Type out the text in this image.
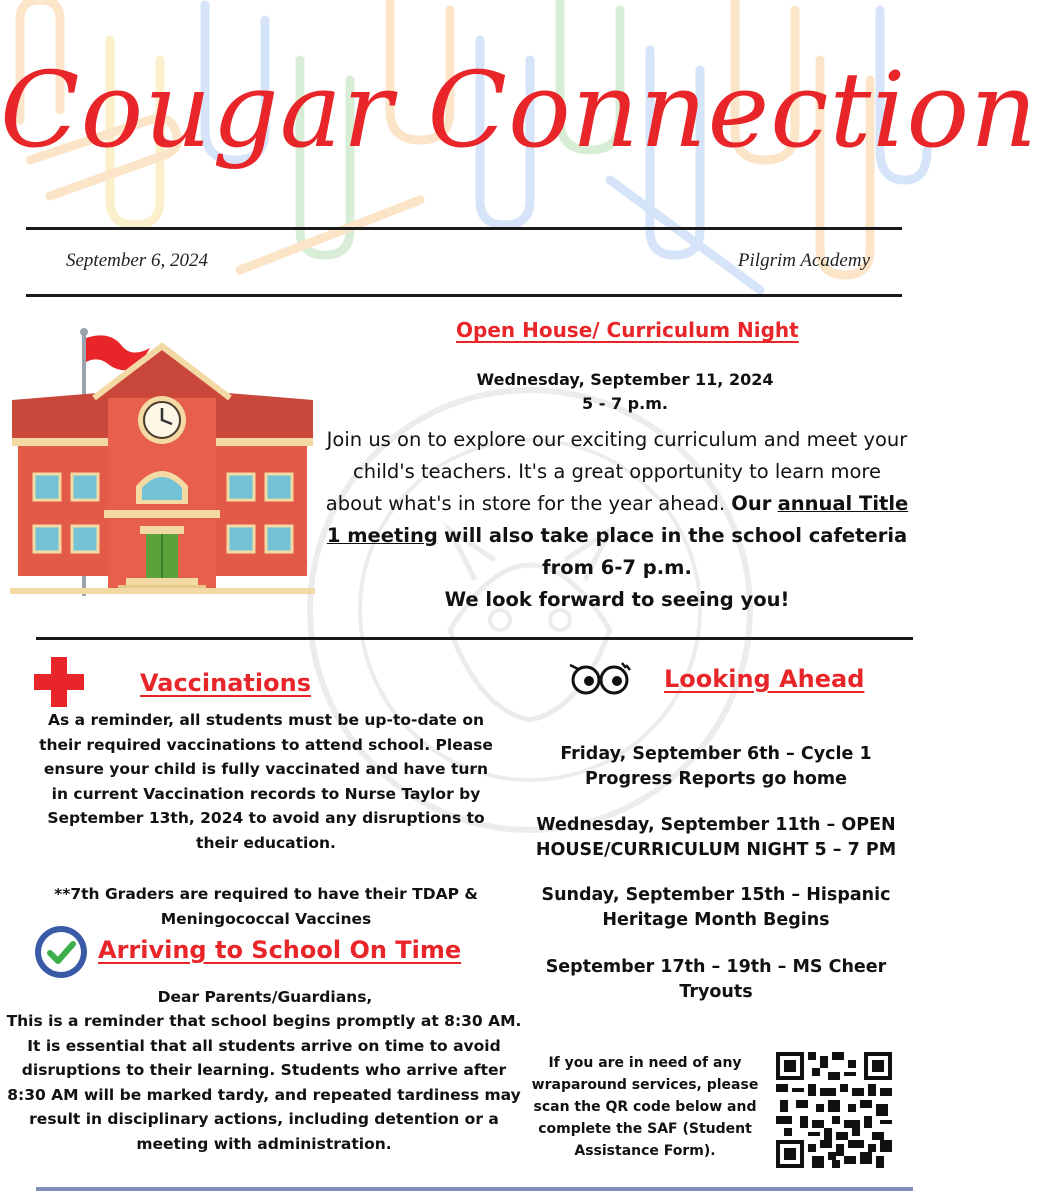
Cougar Connection
September 6, 2024	Pilgrim Academy
Open House/ Curriculum Night
Wednesday, September 11, 2024
5 - 7 p.m.
Join us on to explore our exciting curriculum and meet your child's teachers. It's a great opportunity to learn more about what's in store for the year ahead. Our annual Title 1 meeting will also take place in the school cafeteria from 6-7 p.m.
We look forward to seeing you!
Vaccinations
As a reminder, all students must be up-to-date on their required vaccinations to attend school. Please ensure your child is fully vaccinated and have turn in current Vaccination records to Nurse Taylor by September 13th, 2024 to avoid any disruptions to their education.
**7th Graders are required to have their TDAP & Meningococcal Vaccines
Arriving to School On Time
Dear Parents/Guardians,
This is a reminder that school begins promptly at 8:30 AM. It is essential that all students arrive on time to avoid disruptions to their learning. Students who arrive after 8:30 AM will be marked tardy, and repeated tardiness may result in disciplinary actions, including detention or a meeting with administration.
Looking Ahead
Friday, September 6th – Cycle 1 Progress Reports go home
Wednesday, September 11th – OPEN HOUSE/CURRICULUM NIGHT 5 – 7 PM
Sunday, September 15th – Hispanic Heritage Month Begins
September 17th – 19th – MS Cheer Tryouts
If you are in need of any wraparound services, please scan the QR code below and complete the SAF (Student Assistance Form).
